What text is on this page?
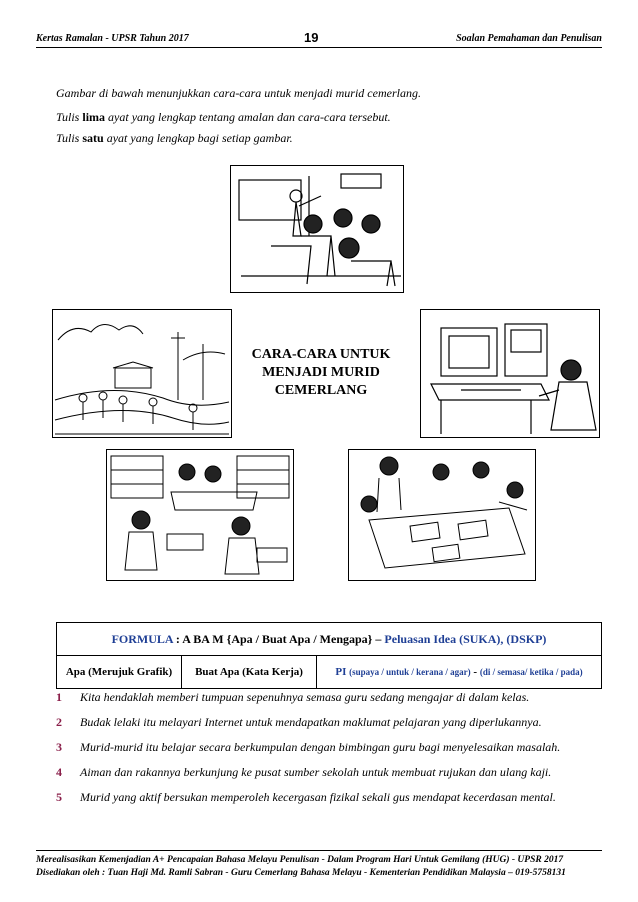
Kertas Ramalan - UPSR Tahun 2017	19	Soalan Pemahaman dan Penulisan
Gambar di bawah menunjukkan cara-cara untuk menjadi murid cemerlang.
Tulis lima ayat yang lengkap tentang amalan dan cara-cara tersebut.
Tulis satu ayat yang lengkap bagi setiap gambar.
CARA-CARA UNTUK
MENJADI MURID
CEMERLANG
FORMULA : A BA M {Apa / Buat Apa / Mengapa} – Peluasan Idea (SUKA), (DSKP)
Apa (Merujuk Grafik)	Buat Apa (Kata Kerja)	PI (supaya / untuk / kerana / agar) - (di / semasa/ ketika / pada)
1	Kita hendaklah memberi tumpuan sepenuhnya semasa guru sedang mengajar di dalam kelas.
2	Budak lelaki itu melayari Internet untuk mendapatkan maklumat pelajaran yang diperlukannya.
3	Murid-murid itu belajar secara berkumpulan dengan bimbingan guru bagi menyelesaikan masalah.
4	Aiman dan rakannya berkunjung ke pusat sumber sekolah untuk membuat rujukan dan ulang kaji.
5	Murid yang aktif bersukan memperoleh kecergasan fizikal sekali gus mendapat kecerdasan mental.
Merealisasikan Kemenjadian A+ Pencapaian Bahasa Melayu Penulisan - Dalam Program Hari Untuk Gemilang (HUG) - UPSR 2017
Disediakan oleh : Tuan Haji Md. Ramli Sabran - Guru Cemerlang Bahasa Melayu - Kementerian Pendidikan Malaysia – 019-5758131
